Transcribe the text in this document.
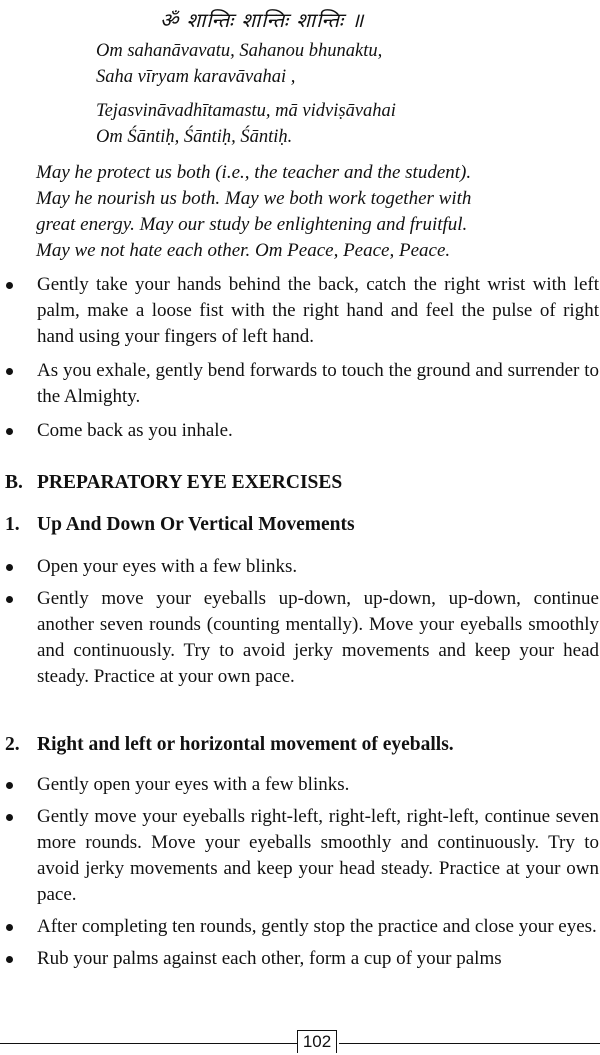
ॐ शान्तिः शान्तिः शान्तिः ॥
Om sahanāvavatu, Sahanou bhunaktu,
Saha vīryam karavāvahai ,
Tejasvināvadhītamastu, mā vidviṣāvahai
Om Śāntiḥ, Śāntiḥ, Śāntiḥ.
May he protect us both (i.e., the teacher and the student).
May he nourish us both. May we both work together with
great energy. May our study be enlightening and fruitful.
May we not hate each other. Om Peace, Peace, Peace.
Gently take your hands behind the back, catch the right wrist with left palm, make a loose fist with the right hand and feel the pulse of right hand using your fingers of left hand.
As you exhale, gently bend forwards to touch the ground and surrender to the Almighty.
Come back as you inhale.
B. PREPARATORY EYE EXERCISES
1. Up And Down Or Vertical Movements
Open your eyes with a few blinks.
Gently move your eyeballs up-down, up-down, up-down, continue another seven rounds (counting mentally). Move your eyeballs smoothly and continuously. Try to avoid jerky movements and keep your head steady. Practice at your own pace.
2. Right and left or horizontal movement of eyeballs.
Gently open your eyes with a few blinks.
Gently move your eyeballs right-left, right-left, right-left, continue seven more rounds. Move your eyeballs smoothly and continuously. Try to avoid jerky movements and keep your head steady. Practice at your own pace.
After completing ten rounds, gently stop the practice and close your eyes.
Rub your palms against each other, form a cup of your palms
102
